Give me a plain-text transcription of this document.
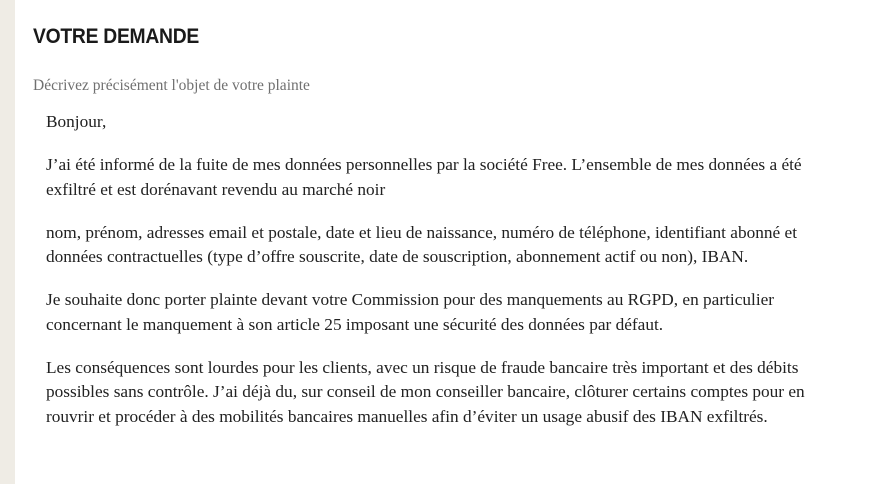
VOTRE DEMANDE
Décrivez précisément l'objet de votre plainte

Bonjour,

J’ai été informé de la fuite de mes données personnelles par la société Free. L’ensemble de mes données a été exfiltré et est dorénavant revendu au marché noir

nom, prénom, adresses email et postale, date et lieu de naissance, numéro de téléphone, identifiant abonné et données contractuelles (type d’offre souscrite, date de souscription, abonnement actif ou non), IBAN.

Je souhaite donc porter plainte devant votre Commission pour des manquements au RGPD, en particulier concernant le manquement à son article 25 imposant une sécurité des données par défaut.

Les conséquences sont lourdes pour les clients, avec un risque de fraude bancaire très important et des débits possibles sans contrôle. J’ai déjà du, sur conseil de mon conseiller bancaire, clôturer certains comptes pour en rouvrir et procéder à des mobilités bancaires manuelles afin d’éviter un usage abusif des IBAN exfiltrés.
